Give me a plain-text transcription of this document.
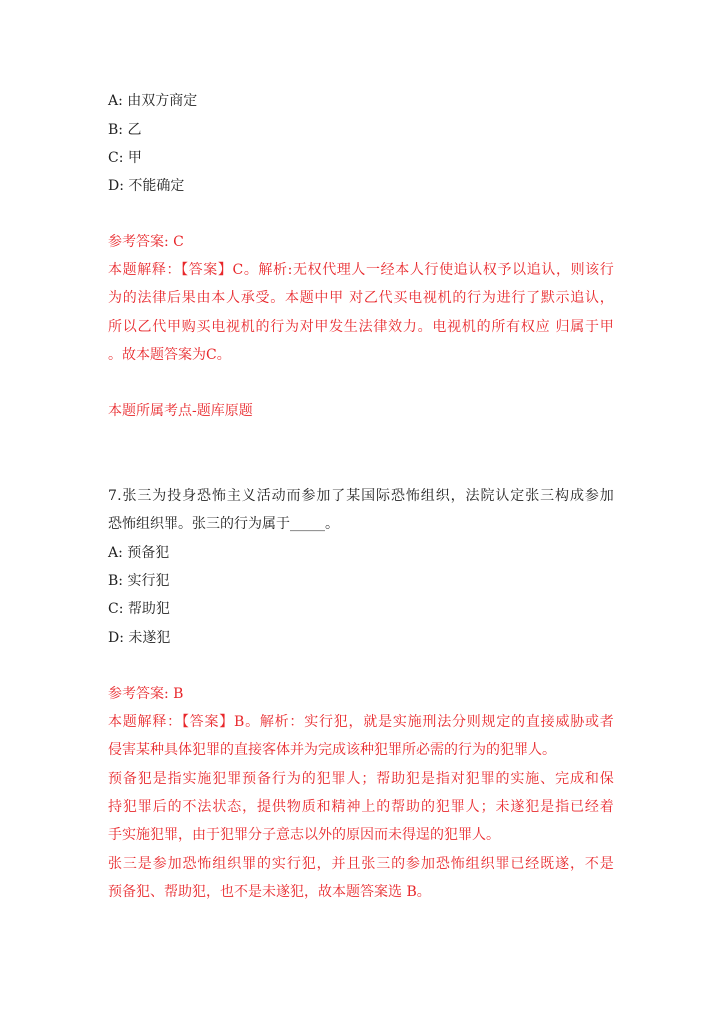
A: 由双方商定
B: 乙
C: 甲
D: 不能确定
参考答案: C
本题解释：【答案】C。解析:无权代理人一经本人行使追认权予以追认，则该行
为的法律后果由本人承受。本题中甲 对乙代买电视机的行为进行了默示追认，
所以乙代甲购买电视机的行为对甲发生法律效力。电视机的所有权应 归属于甲
。故本题答案为C。
本题所属考点-题库原题
7.张三为投身恐怖主义活动而参加了某国际恐怖组织，法院认定张三构成参加
恐怖组织罪。张三的行为属于_____。
A: 预备犯
B: 实行犯
C: 帮助犯
D: 未遂犯
参考答案: B
本题解释：【答案】B。解析：实行犯，就是实施刑法分则规定的直接威胁或者
侵害某种具体犯罪的直接客体并为完成该种犯罪所必需的行为的犯罪人。
预备犯是指实施犯罪预备行为的犯罪人；帮助犯是指对犯罪的实施、完成和保
持犯罪后的不法状态，提供物质和精神上的帮助的犯罪人；未遂犯是指已经着
手实施犯罪，由于犯罪分子意志以外的原因而未得逞的犯罪人。
张三是参加恐怖组织罪的实行犯，并且张三的参加恐怖组织罪已经既遂，不是
预备犯、帮助犯，也不是未遂犯，故本题答案选 B。
